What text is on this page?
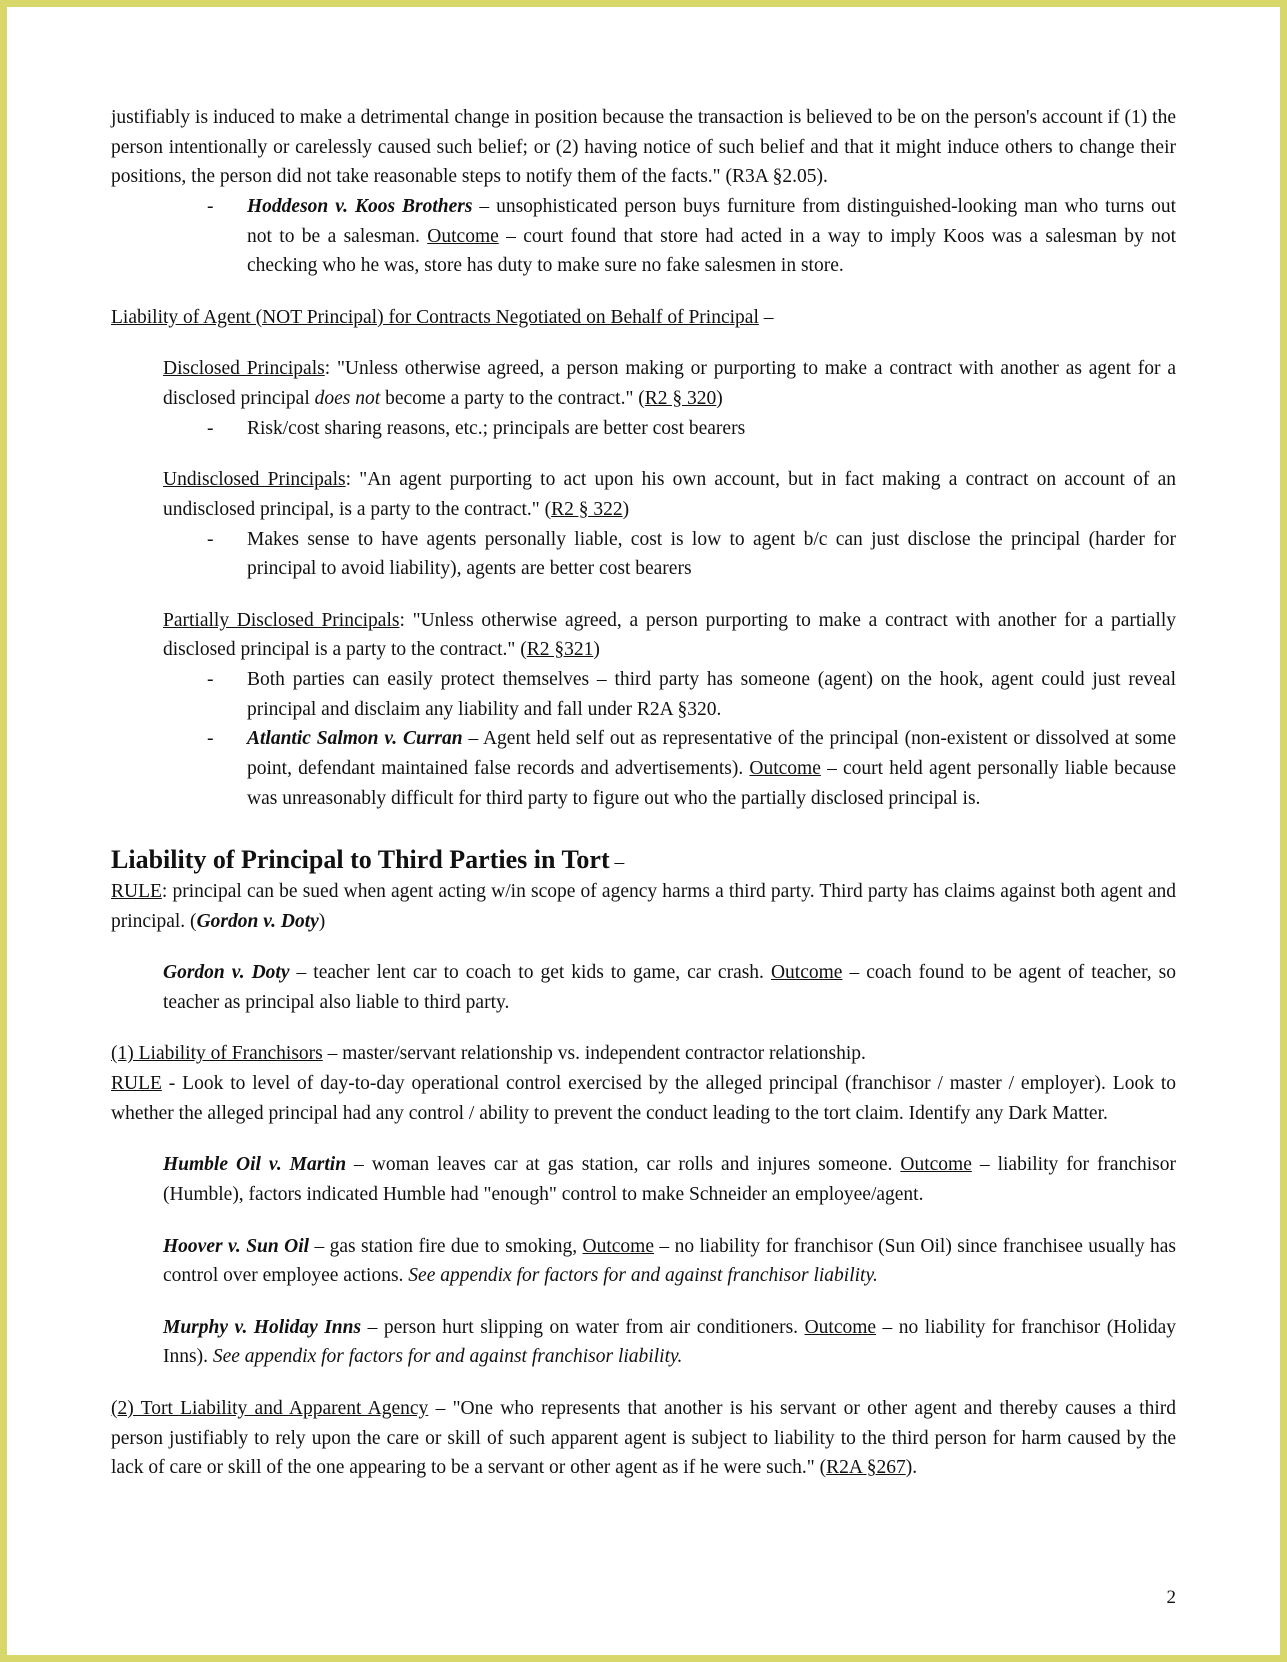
justifiably is induced to make a detrimental change in position because the transaction is believed to be on the person's account if (1) the person intentionally or carelessly caused such belief; or (2) having notice of such belief and that it might induce others to change their positions, the person did not take reasonable steps to notify them of the facts." (R3A §2.05).

-	Hoddeson v. Koos Brothers – unsophisticated person buys furniture from distinguished-looking man who turns out not to be a salesman. Outcome – court found that store had acted in a way to imply Koos was a salesman by not checking who he was, store has duty to make sure no fake salesmen in store.

Liability of Agent (NOT Principal) for Contracts Negotiated on Behalf of Principal –

Disclosed Principals: "Unless otherwise agreed, a person making or purporting to make a contract with another as agent for a disclosed principal does not become a party to the contract." (R2 § 320)

-	Risk/cost sharing reasons, etc.; principals are better cost bearers

Undisclosed Principals: "An agent purporting to act upon his own account, but in fact making a contract on account of an undisclosed principal, is a party to the contract." (R2 § 322)

-	Makes sense to have agents personally liable, cost is low to agent b/c can just disclose the principal (harder for principal to avoid liability), agents are better cost bearers

Partially Disclosed Principals: "Unless otherwise agreed, a person purporting to make a contract with another for a partially disclosed principal is a party to the contract." (R2 §321)

-	Both parties can easily protect themselves – third party has someone (agent) on the hook, agent could just reveal principal and disclaim any liability and fall under R2A §320.
-	Atlantic Salmon v. Curran – Agent held self out as representative of the principal (non-existent or dissolved at some point, defendant maintained false records and advertisements). Outcome – court held agent personally liable because was unreasonably difficult for third party to figure out who the partially disclosed principal is.
Liability of Principal to Third Parties in Tort –

RULE: principal can be sued when agent acting w/in scope of agency harms a third party. Third party has claims against both agent and principal. (Gordon v. Doty)

Gordon v. Doty – teacher lent car to coach to get kids to game, car crash. Outcome – coach found to be agent of teacher, so teacher as principal also liable to third party.

(1) Liability of Franchisors – master/servant relationship vs. independent contractor relationship.

RULE - Look to level of day-to-day operational control exercised by the alleged principal (franchisor / master / employer). Look to whether the alleged principal had any control / ability to prevent the conduct leading to the tort claim. Identify any Dark Matter.

Humble Oil v. Martin – woman leaves car at gas station, car rolls and injures someone. Outcome – liability for franchisor (Humble), factors indicated Humble had "enough" control to make Schneider an employee/agent.

Hoover v. Sun Oil – gas station fire due to smoking, Outcome – no liability for franchisor (Sun Oil) since franchisee usually has control over employee actions. See appendix for factors for and against franchisor liability.

Murphy v. Holiday Inns – person hurt slipping on water from air conditioners. Outcome – no liability for franchisor (Holiday Inns). See appendix for factors for and against franchisor liability.

(2) Tort Liability and Apparent Agency – "One who represents that another is his servant or other agent and thereby causes a third person justifiably to rely upon the care or skill of such apparent agent is subject to liability to the third person for harm caused by the lack of care or skill of the one appearing to be a servant or other agent as if he were such." (R2A §267).

2
